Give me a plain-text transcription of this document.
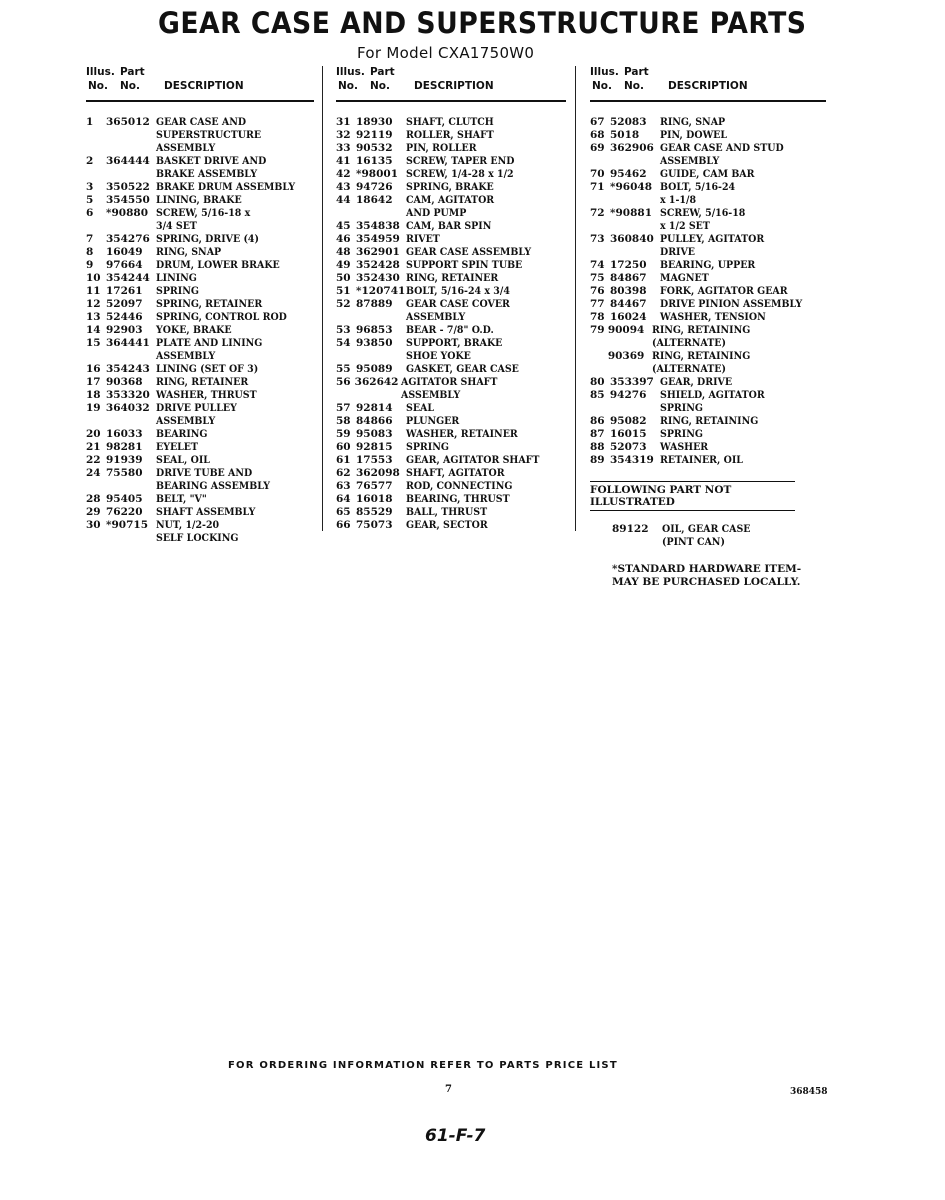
GEAR CASE AND SUPERSTRUCTURE PARTS
For Model CXA1750W0
Illus. Part
No. No. DESCRIPTION
1	365012 GEAR CASE AND
SUPERSTRUCTURE
ASSEMBLY
2	364444 BASKET DRIVE AND
BRAKE ASSEMBLY
3	350522 BRAKE DRUM ASSEMBLY
5	354550 LINING, BRAKE
6	*90880 SCREW, 5/16-18 x
3/4 SET
7	354276 SPRING, DRIVE (4)
8	16049	RING, SNAP
9	97664	DRUM, LOWER BRAKE
10 354244 LINING
11 17261	SPRING
12 52097	SPRING, RETAINER
13 52446	SPRING, CONTROL ROD
14 92903	YOKE, BRAKE
15 364441 PLATE AND LINING
ASSEMBLY
16 354243 LINING (SET OF 3)
17 90368	RING, RETAINER
18 353320 WASHER, THRUST
19 364032 DRIVE PULLEY ASSEMBLY
20 16033	BEARING
21 98281	EYELET
22 91939	SEAL, OIL
24 75580	DRIVE TUBE AND
BEARING ASSEMBLY
28 95405	BELT, "V"
29 76220	SHAFT ASSEMBLY
30 *90715 NUT, 1/2-20
SELF LOCKING
Illus. Part
No. No. DESCRIPTION
31 18930	SHAFT, CLUTCH
32 92119	ROLLER, SHAFT
33 90532	PIN, ROLLER
41 16135	SCREW, TAPER END
42 *98001 SCREW, 1/4-28 x 1/2
43 94726	SPRING, BRAKE
44 18642	CAM, AGITATOR
AND PUMP
45 354838 CAM, BAR SPIN
46 354959 RIVET
48 362901 GEAR CASE ASSEMBLY
49 352428 SUPPORT SPIN TUBE
50 352430 RING, RETAINER
51 *120741 BOLT, 5/16-24 x 3/4
52 87889	GEAR CASE COVER
ASSEMBLY
53 96853	BEAR - 7/8" O.D.
54 93850	SUPPORT, BRAKE
SHOE YOKE
55 95089	GASKET, GEAR CASE
56 362642 AGITATOR SHAFT ASSEMBLY
57 92814	SEAL
58 84866	PLUNGER
59 95083	WASHER, RETAINER
60 92815	SPRING
61 17553	GEAR, AGITATOR SHAFT
62 362098 SHAFT, AGITATOR
63 76577	ROD, CONNECTING
64 16018	BEARING, THRUST
65 85529	BALL, THRUST
66 75073	GEAR, SECTOR
Illus. Part
No. No. DESCRIPTION
67 52083	RING, SNAP
68 5018	PIN, DOWEL
69 362906 GEAR CASE AND STUD
ASSEMBLY
70 95462	GUIDE, CAM BAR
71 *96048 BOLT, 5/16-24
x 1-1/8
72 *90881 SCREW, 5/16-18
x 1/2 SET
73 360840 PULLEY, AGITATOR
DRIVE
74 17250	BEARING, UPPER
75 84867	MAGNET
76 80398	FORK, AGITATOR GEAR
77 84467	DRIVE PINION ASSEMBLY
78 16024	WASHER, TENSION
79 90094 RING, RETAINING (ALTERNATE)
90369 RING, RETAINING (ALTERNATE)
80 353397 GEAR, DRIVE
85 94276	SHIELD, AGITATOR SPRING
86 95082	RING, RETAINING
87 16015	SPRING
88 52073	WASHER
89 354319 RETAINER, OIL
FOLLOWING PART NOT ILLUSTRATED
89122	OIL, GEAR CASE
(PINT CAN)
*STANDARD HARDWARE ITEM-
MAY BE PURCHASED LOCALLY.
FOR ORDERING INFORMATION REFER TO PARTS PRICE LIST
7	368458
61-F-7
